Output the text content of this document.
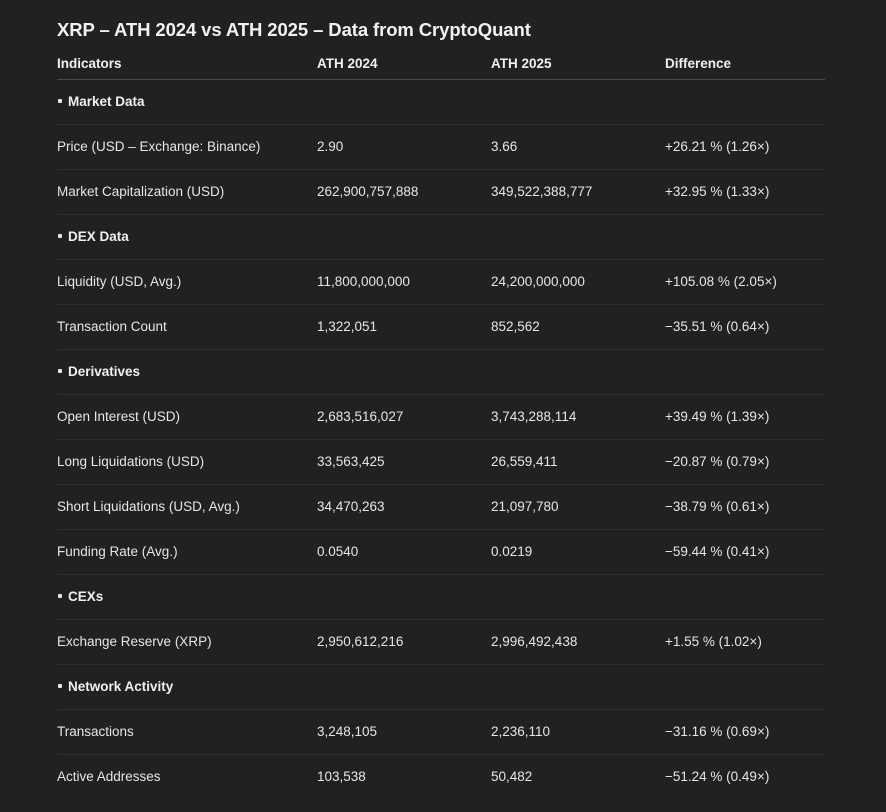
XRP – ATH 2024 vs ATH 2025 – Data from CryptoQuant
Indicators	ATH 2024	ATH 2025	Difference
Market Data
Price (USD – Exchange: Binance)	2.90	3.66	+26.21 % (1.26×)
Market Capitalization (USD)	262,900,757,888	349,522,388,777	+32.95 % (1.33×)
DEX Data
Liquidity (USD, Avg.)	11,800,000,000	24,200,000,000	+105.08 % (2.05×)
Transaction Count	1,322,051	852,562	−35.51 % (0.64×)
Derivatives
Open Interest (USD)	2,683,516,027	3,743,288,114	+39.49 % (1.39×)
Long Liquidations (USD)	33,563,425	26,559,411	−20.87 % (0.79×)
Short Liquidations (USD, Avg.)	34,470,263	21,097,780	−38.79 % (0.61×)
Funding Rate (Avg.)	0.0540	0.0219	−59.44 % (0.41×)
CEXs
Exchange Reserve (XRP)	2,950,612,216	2,996,492,438	+1.55 % (1.02×)
Network Activity
Transactions	3,248,105	2,236,110	−31.16 % (0.69×)
Active Addresses	103,538	50,482	−51.24 % (0.49×)
